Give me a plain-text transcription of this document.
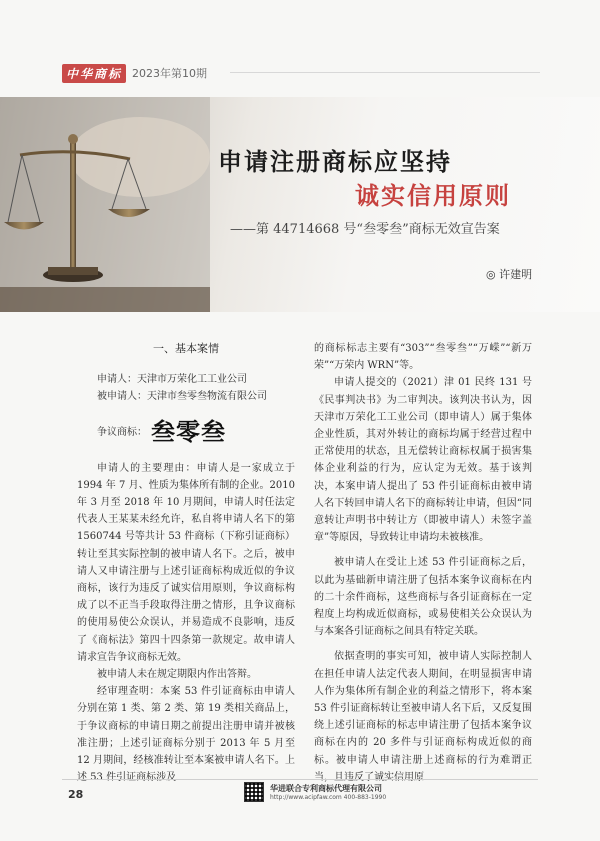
中华商标 2023年第10期
申请注册商标应坚持
诚实信用原则
——第 44714668 号“叁零叁”商标无效宣告案
◎ 许建明
一、基本案情
申请人：天津市万荣化工工业公司
被申请人：天津市叁零叁物流有限公司
争议商标： 叁零叁

申请人的主要理由：申请人是一家成立于 1994 年 7 月、性质为集体所有制的企业。2010 年 3 月至 2018 年 10 月期间，申请人时任法定代表人王某某未经允许，私自将申请人名下的第 1560744 号等共计 53 件商标（下称引证商标）转让至其实际控制的被申请人名下。之后，被申请人又申请注册与上述引证商标构成近似的争议商标，该行为违反了诚实信用原则，争议商标构成了以不正当手段取得注册之情形，且争议商标的使用易使公众误认，并易造成不良影响，违反了《商标法》第四十四条第一款规定。故申请人请求宣告争议商标无效。

被申请人未在规定期限内作出答辩。

经审理查明：本案 53 件引证商标由申请人分别在第 1 类、第 2 类、第 19 类相关商品上，于争议商标的申请日期之前提出注册申请并被核准注册；上述引证商标分别于 2013 年 5 月至 12 月期间，经核准转让至本案被申请人名下。上述 53 件引证商标涉及

的商标标志主要有“303”“叁零叁”“万嵘”“新万荣”“万荣内 WRN”等。

申请人提交的（2021）津 01 民终 131 号《民事判决书》为二审判决。该判决书认为，因天津市万荣化工工业公司（即申请人）属于集体企业性质，其对外转让的商标均属于经营过程中正常使用的状态，且无偿转让商标权属于损害集体企业利益的行为，应认定为无效。基于该判决，本案申请人提出了 53 件引证商标由被申请人名下转回申请人名下的商标转让申请，但因“同意转让声明书中转让方（即被申请人）未签字盖章”等原因，导致转让申请均未被核准。

被申请人在受让上述 53 件引证商标之后，以此为基础新申请注册了包括本案争议商标在内的二十余件商标，这些商标与各引证商标在一定程度上均构成近似商标，或易使相关公众误认为与本案各引证商标之间具有特定关联。

依据查明的事实可知，被申请人实际控制人在担任申请人法定代表人期间，在明显损害申请人作为集体所有制企业的利益之情形下，将本案 53 件引证商标转让至被申请人名下后，又反复围绕上述引证商标的标志申请注册了包括本案争议商标在内的 20 多件与引证商标构成近似的商标。被申请人申请注册上述商标的行为难谓正当，且违反了诚实信用原

28	华进联合专利商标代理有限公司
http://www.acipfaw.com 400-883-1990
